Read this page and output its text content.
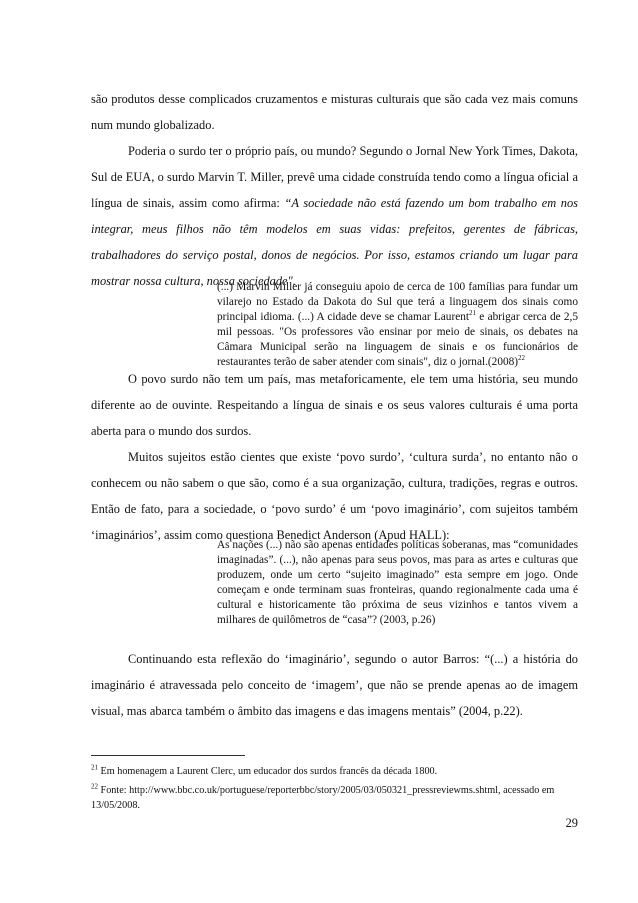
são produtos desse complicados cruzamentos e misturas culturais que são cada vez mais comuns num mundo globalizado.

Poderia o surdo ter o próprio país, ou mundo? Segundo o Jornal New York Times, Dakota, Sul de EUA, o surdo Marvin T. Miller, prevê uma cidade construída tendo como a língua oficial a língua de sinais, assim como afirma: “A sociedade não está fazendo um bom trabalho em nos integrar, meus filhos não têm modelos em suas vidas: prefeitos, gerentes de fábricas, trabalhadores do serviço postal, donos de negócios. Por isso, estamos criando um lugar para mostrar nossa cultura, nossa sociedade".

(...) Marvin Miller já conseguiu apoio de cerca de 100 famílias para fundar um vilarejo no Estado da Dakota do Sul que terá a linguagem dos sinais como principal idioma. (...) A cidade deve se chamar Laurent$^{21}$ e abrigar cerca de 2,5 mil pessoas. "Os professores vão ensinar por meio de sinais, os debates na Câmara Municipal serão na linguagem de sinais e os funcionários de restaurantes terão de saber atender com sinais", diz o $jornal.(2008)^{22}$

O povo surdo não tem um país, mas metaforicamente, ele tem uma história, seu mundo diferente ao de ouvinte. Respeitando a língua de sinais e os seus valores culturais é uma porta aberta para o mundo dos surdos.

Muitos sujeitos estão cientes que existe ‘povo surdo’, ‘cultura surda’, no entanto não o conhecem ou não sabem o que são, como é a sua organização, cultura, tradições, regras e outros. Então de fato, para a sociedade, o ‘povo surdo’ é um ‘povo imaginário’, com sujeitos também ‘imaginários’, assim como questiona Benedict Anderson (Apud HALL):

As nações (...) não são apenas entidades políticas soberanas, mas “comunidades imaginadas”. (...), não apenas para seus povos, mas para as artes e culturas que produzem, onde um certo “sujeito imaginado” esta sempre em jogo. Onde começam e onde terminam suas fronteiras, quando regionalmente cada uma é cultural e historicamente tão próxima de seus vizinhos e tantos vivem a milhares de quilômetros de “casa”? (2003, p.26)

Continuando esta reflexão do ‘imaginário’, segundo o autor Barros: “(...) a história do imaginário é atravessada pelo conceito de ‘imagem’, que não se prende apenas ao de imagem visual, mas abarca também o âmbito das imagens e das imagens mentais” (2004, p.22).

$^{21}$ Em homenagem a Laurent Clerc, um educador dos surdos francês da década 1800.

$^{22}$ Fonte: http://www.bbc.co.uk/portuguese/reporterbbc/story/2005/03/050321_pressreviewms.shtml, acessado em 13/05/2008.

29
